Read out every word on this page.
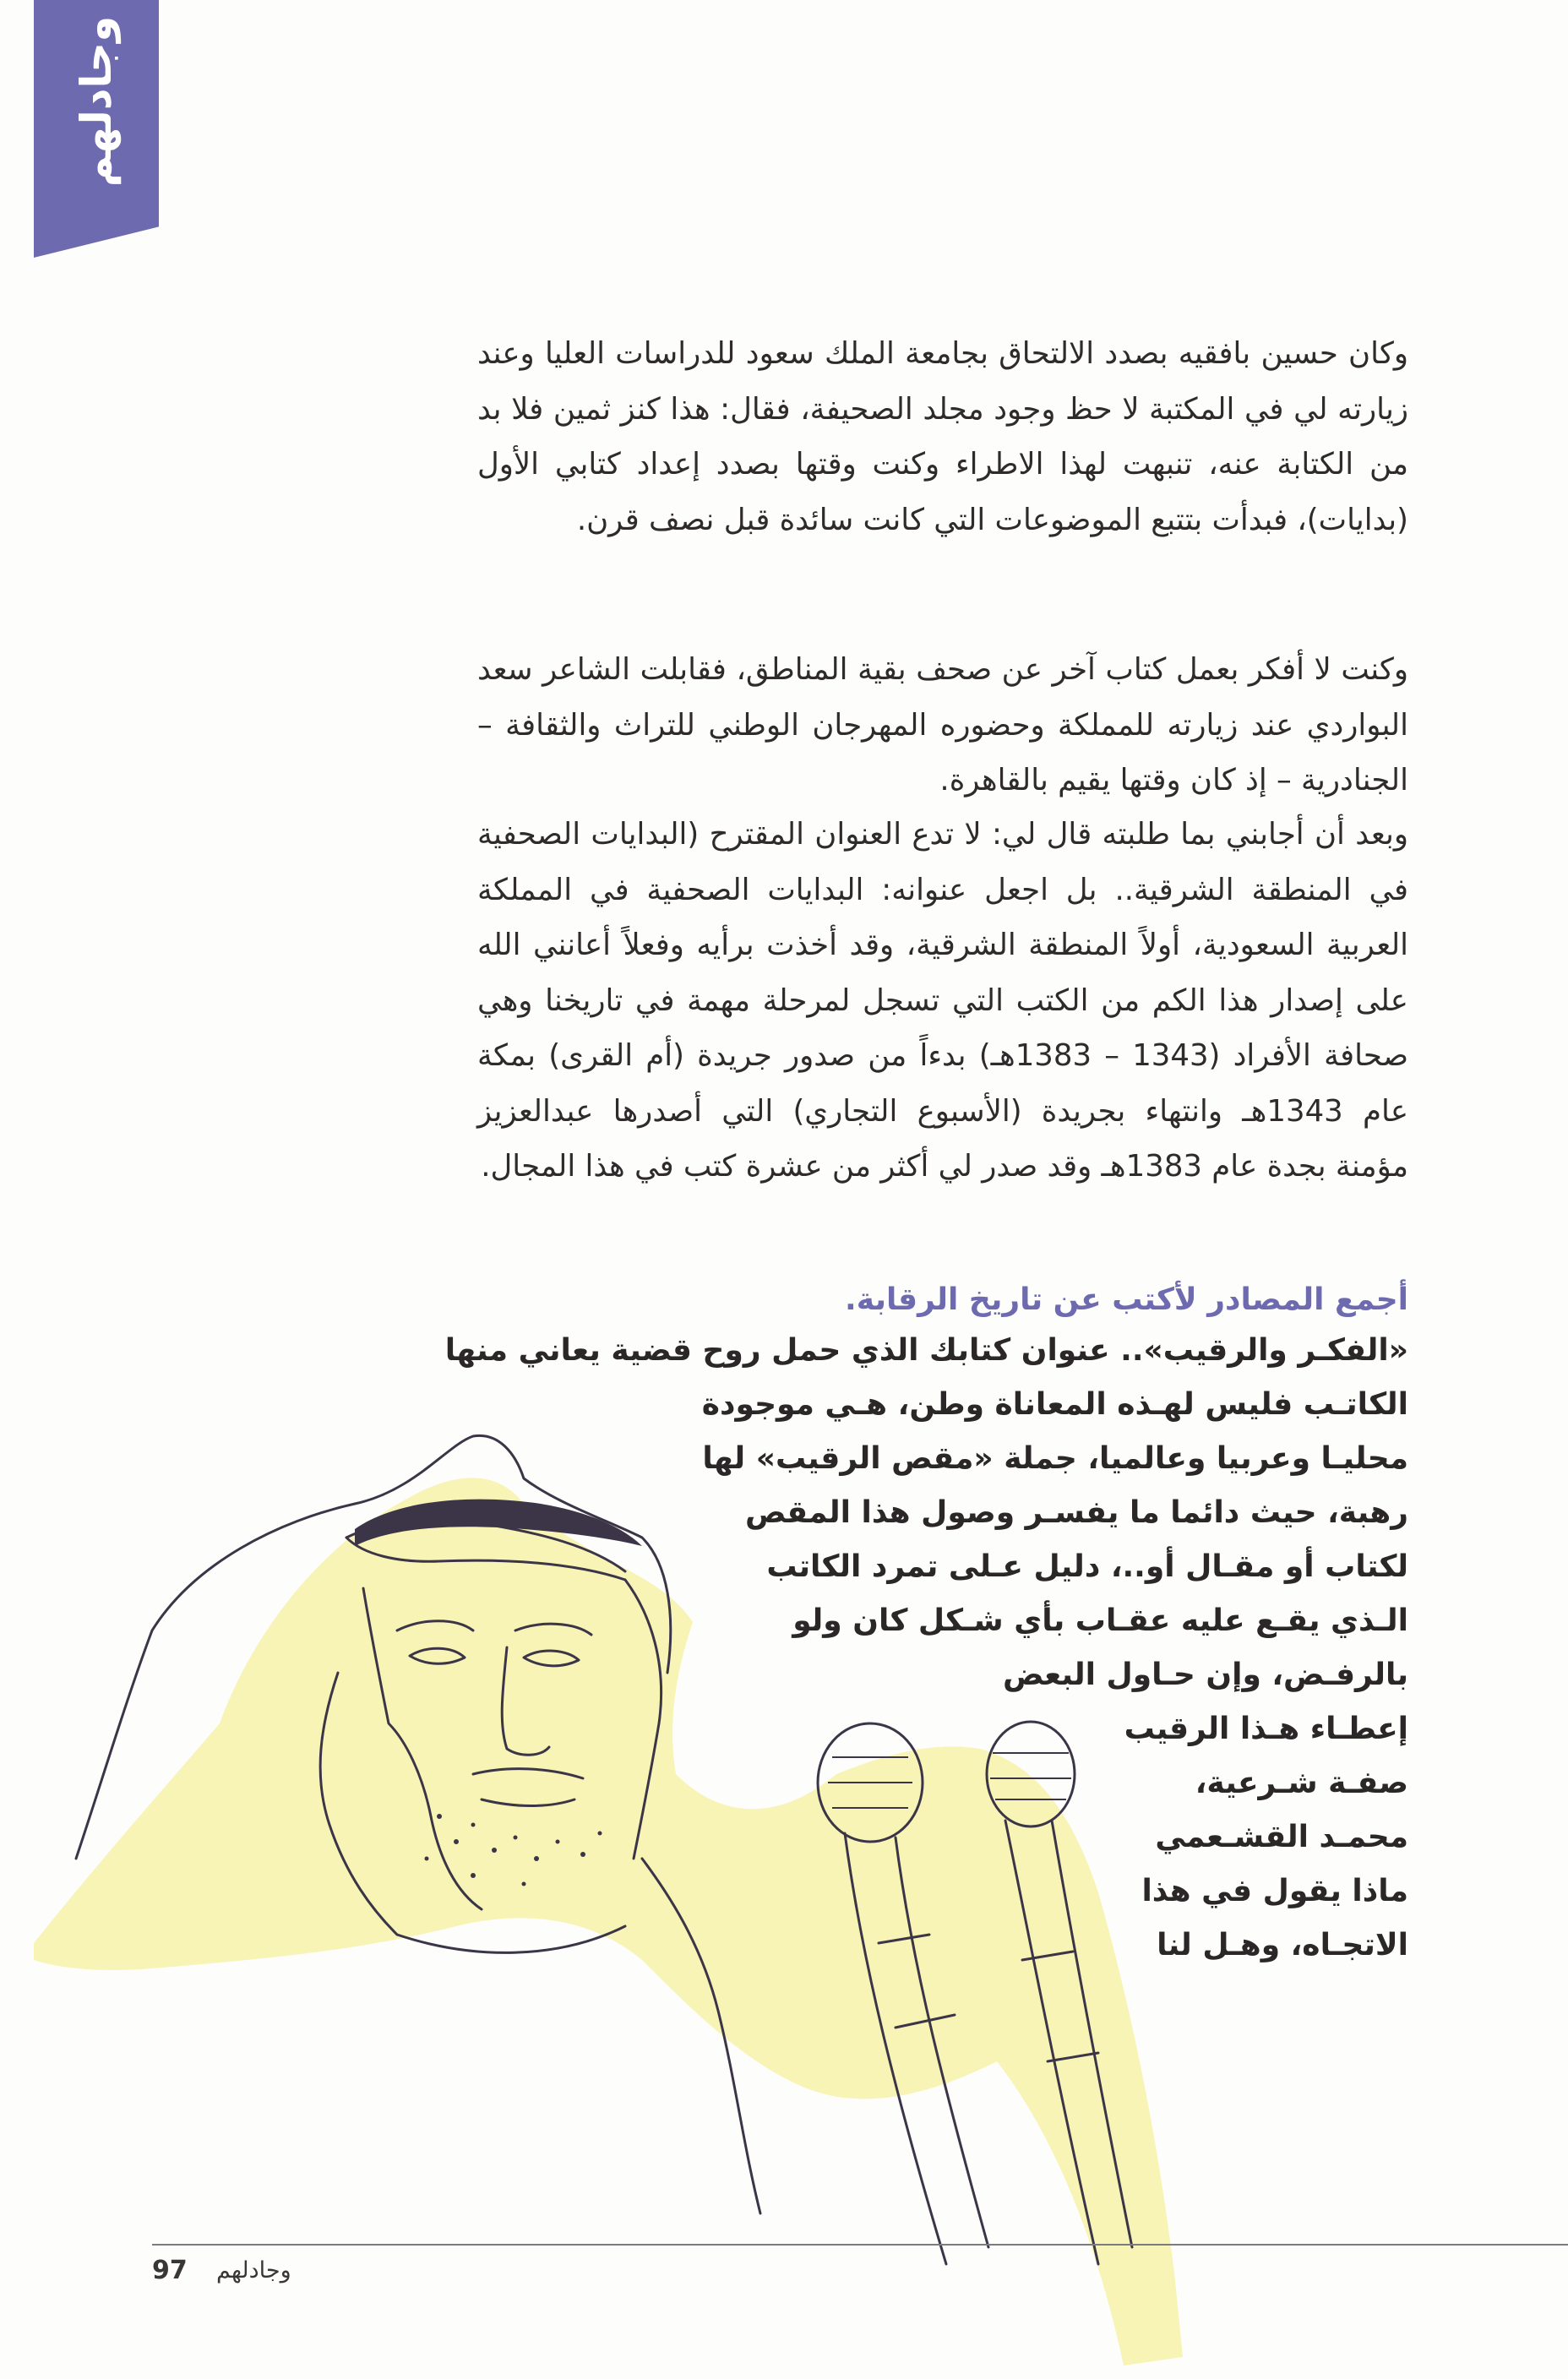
وجادلهم

وكان حسين بافقيه بصدد الالتحاق بجامعة الملك سعود للدراسات العليا وعند زيارته لي في المكتبة لا حظ وجود مجلد الصحيفة، فقال: هذا كنز ثمين فلا بد من الكتابة عنه، تنبهت لهذا الاطراء وكنت وقتها بصدد إعداد كتابي الأول (بدايات)، فبدأت بتتبع الموضوعات التي كانت سائدة قبل نصف قرن.

وكنت لا أفكر بعمل كتاب آخر عن صحف بقية المناطق، فقابلت الشاعر سعد البواردي عند زيارته للمملكة وحضوره المهرجان الوطني للتراث والثقافة – الجنادرية – إذ كان وقتها يقيم بالقاهرة.

وبعد أن أجابني بما طلبته قال لي: لا تدع العنوان المقترح (البدايات الصحفية في المنطقة الشرقية.. بل اجعل عنوانه: البدايات الصحفية في المملكة العربية السعودية، أولاً المنطقة الشرقية، وقد أخذت برأيه وفعلاً أعانني الله على إصدار هذا الكم من الكتب التي تسجل لمرحلة مهمة في تاريخنا وهي صحافة الأفراد (1343 – 1383هـ) بدءاً من صدور جريدة (أم القرى) بمكة عام 1343هـ وانتهاء بجريدة (الأسبوع التجاري) التي أصدرها عبدالعزيز مؤمنة بجدة عام 1383هـ وقد صدر لي أكثر من عشرة كتب في هذا المجال.

أجمع المصادر لأكتب عن تاريخ الرقابة.

«الفكـر والرقيب».. عنوان كتابك الذي حمل روح قضية يعاني منها

الكاتـب فليس لهـذه المعاناة وطن، هـي موجودة

محليـا وعربيا وعالميا، جملة «مقص الرقيب» لها

رهبة، حيث دائما ما يفسـر وصول هذا المقص

لكتاب أو مقـال أو..، دليل عـلى تمرد الكاتب

الـذي يقـع عليه عقـاب بأي شـكل كان ولو

بالرفـض، وإن حـاول البعض

إعطـاء هـذا الرقيب

صفـة شـرعية،

محمـد القشـعمي

ماذا يقول في هذا

الاتجـاه، وهـل لنا

97 وجادلهم
